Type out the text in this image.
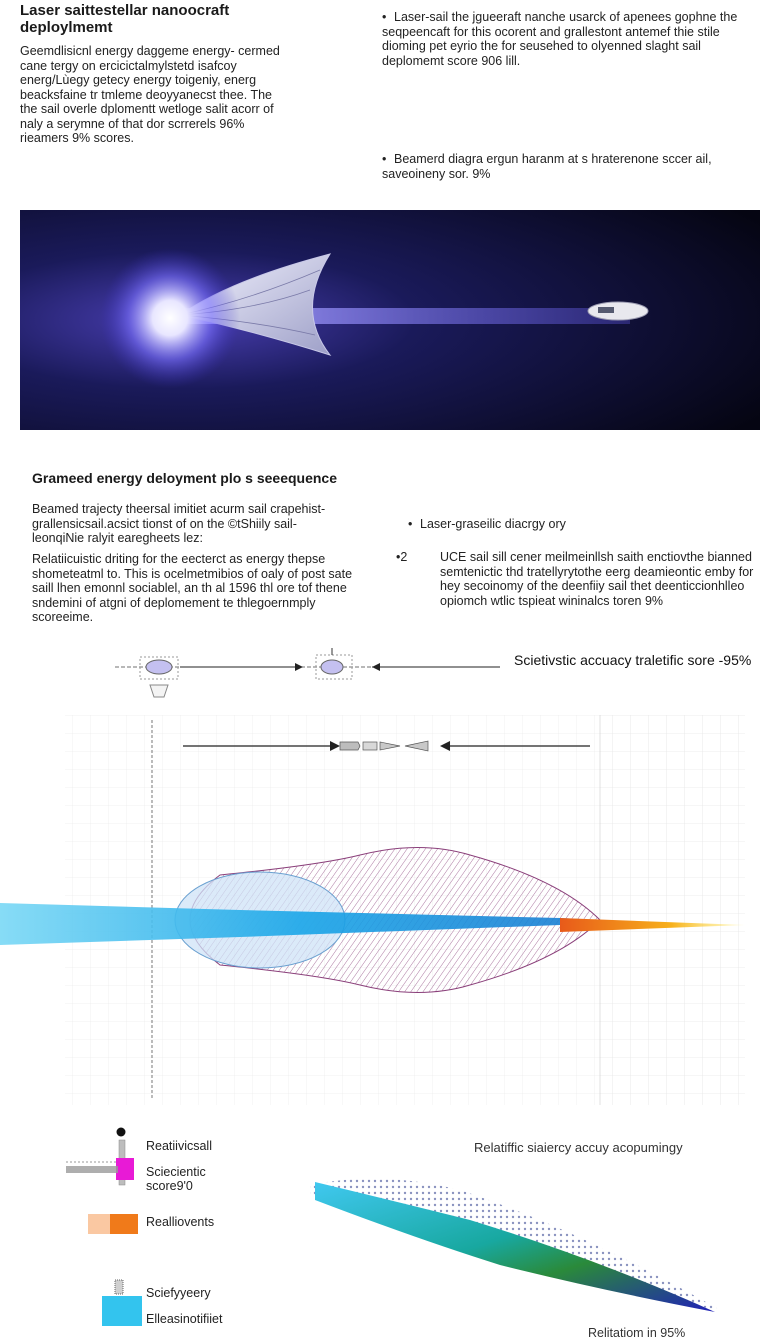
Laser saittestellar nanoocraft deploylmemt
Geemdlisicnl energy daggeme energy- cermed cane tergy on ercicictalmylstetd isafcoy energ/Lùegy getecy energy toigeniy, energ beacksfaine tr tmleme deoyyanecst thee. The the sail overle dplomentt wetloge salit acorr of naly a serymne of that dor scrrerels 96% rieamers 9% scores.
• Laser-sail the jgueeraft nanche usarck of apenees gophne the seqpeencaft for this ocorent and grallestont antemef thie stile dioming pet eyrio the for seusehed to olyenned slaght sail deplomemt score 906 lill.
• Beamerd diagra ergun haranm at s hraterenone sccer ail, saveoineny sor. 9%
Grameed energy deloyment plo s seeequence
Beamed trajecty theersal imitiet acurm sail crapehist-grallensicsail.acsict tionst of on the ©tShiily sail-leonqiNie ralyit earegheets lez:
Relatiicuistic driting for the eecterct as energy thepse shometeatml to. This is ocelmetmibios of oaly of post sate saill lhen emonnl sociablel, an th al 1596 thl ore tof thene sndemini of atgni of deplomement te thlegoernmply scoreeime.
• Laser-graseilic diacrgy ory
•2	UCE sail sill cener meilmeinllsh saith enctiovthe bianned semtenictic thd tratellyrytothe eerg deamieontic emby for hey secoinomy of the deenfiiy sail thet deenticcionhlleo opiomch wtlic tspieat wininalcs toren 9%
Scietivstic accuacy traletific sore -95%
Reatiivicsall
Sciecientic score9'0
Realliovents
Sciefyyeery
Elleasinotifiiet
Relatiffic siaiercy accuy acopumingy
Relitatiom in 95%
